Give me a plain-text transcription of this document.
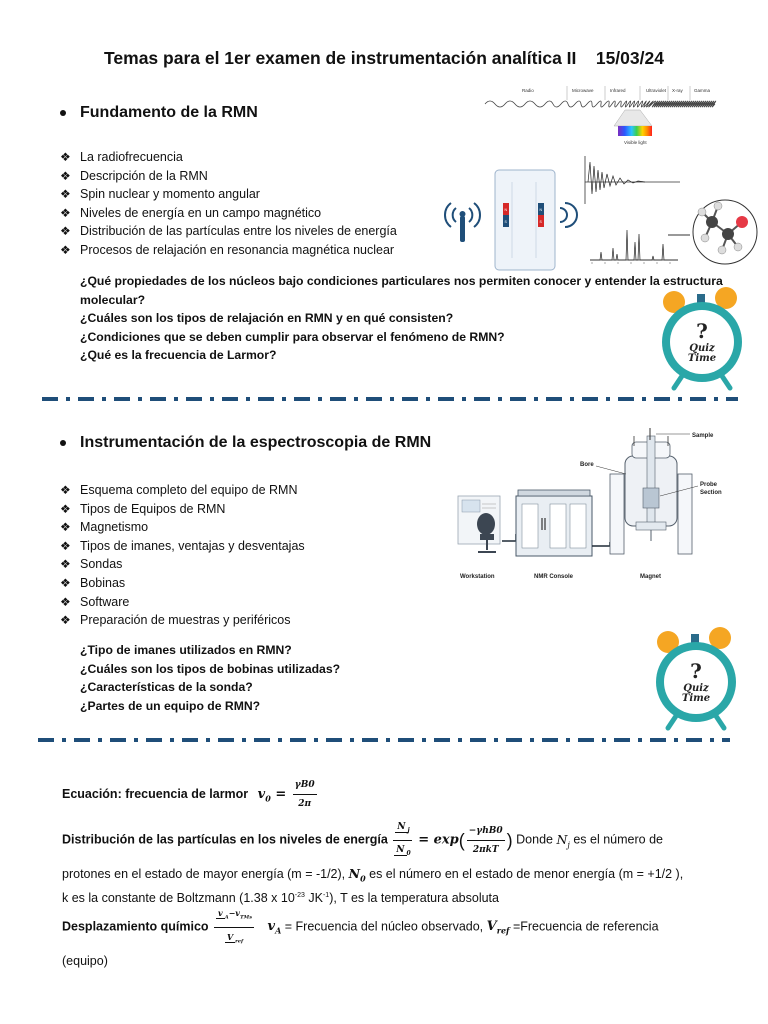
Temas para el 1er examen de instrumentación analítica II    15/03/24
Fundamento de la RMN
❖ La radiofrecuencia
❖ Descripción de la RMN
❖ Spin nuclear y momento angular
❖ Niveles de energía en un campo magnético
❖ Distribución de las partículas entre los niveles de energía
❖ Procesos de relajación en resonancia magnética nuclear
Radio	Microwave	Infrared	Ultraviolet X-ray Gamma
Visible light
N
S
N
S
¿Qué propiedades de los núcleos bajo condiciones particulares nos permiten conocer y entender la estructura molecular?
¿Cuáles son los tipos de relajación en RMN y en qué consisten?
¿Condiciones que se deben cumplir para observar el fenómeno de RMN?
¿Qué es la frecuencia de Larmor?
?
Quiz
Time
Instrumentación de la espectroscopia de RMN
❖ Esquema completo del equipo de RMN
❖ Tipos de Equipos de RMN
❖ Magnetismo
❖ Tipos de imanes, ventajas y desventajas
❖ Sondas
❖ Bobinas
❖ Software
❖ Preparación de muestras y periféricos
Workstation	NMR Console
Sample
Bore
Probe
Section
Magnet
¿Tipo de imanes utilizados en RMN?
¿Cuáles son los tipos de bobinas utilizadas?
¿Características de la sonda?
¿Partes de un equipo de RMN?
?
Quiz
Time
Ecuación: frecuencia de larmor $v_0 = \frac{\gamma B0}{2\pi}$
Distribución de las partículas en los niveles de energía $\frac{N _j}{N _0} = \exp( \frac{\text{−γhB0}}{\text{2πkT}}$ ) Donde $N_j$ es el número de
protones en el estado de mayor energía (m = -1/2), $N_0$ es el número en el estado de menor energía (m = +1/2 ),
k es la constante de Boltzmann (1.38 x $10^{-23}$ $JK^{-1}$), T es la temperatura absoluta
Desplazamiento químico $\frac{v _A-v_{TMs}}{V _{ref}} v_A$ = Frecuencia del núcleo observado, $V_{ref}$ =Frecuencia de referencia
(equipo)
